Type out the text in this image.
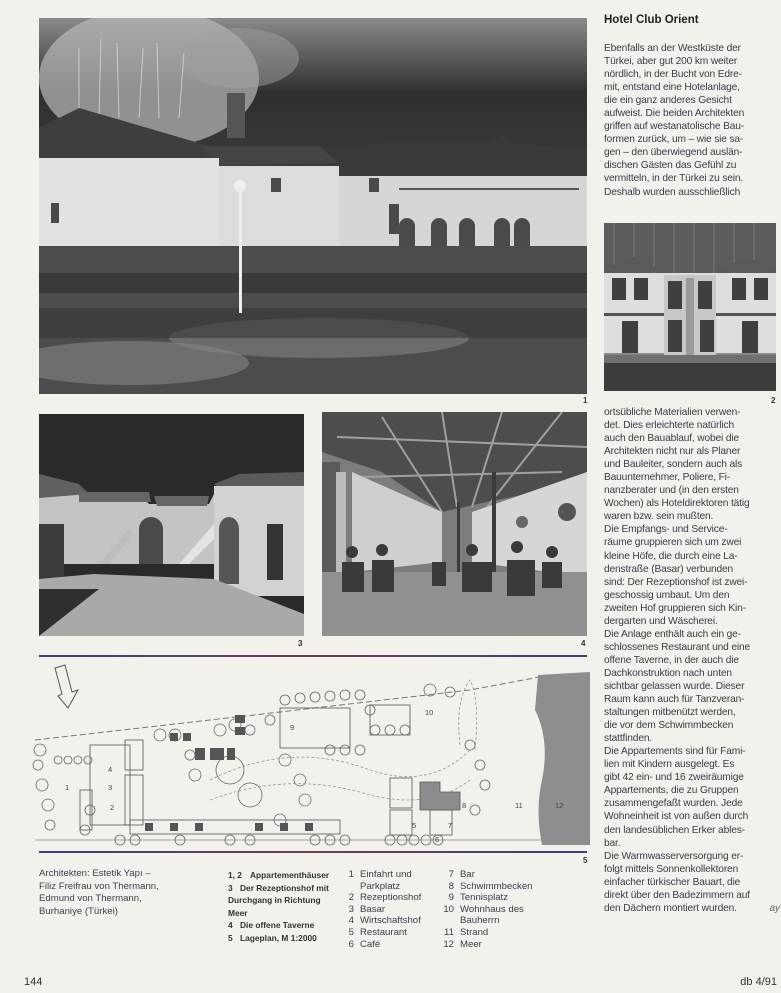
1
Hotel Club Orient

Ebenfalls an der Westküste der

Türkei, aber gut 200 km weiter

nördlich, in der Bucht von Edre-

mit, entstand eine Hotelanlage,

die ein ganz anderes Gesicht

aufweist. Die beiden Architekten

griffen auf westanatolische Bau-

formen zurück, um – wie sie sa-

gen – den überwiegend auslän-

dischen Gästen das Gefühl zu

vermitteln, in der Türkei zu sein.

Deshalb wurden ausschließlich

2
3	4

ortsübliche Materialien verwen-

det. Dies erleichterte natürlich

auch den Bauablauf, wobei die

Architekten nicht nur als Planer

und Bauleiter, sondern auch als

Bauunternehmer, Poliere, Fi-

nanzberater und (in den ersten

Wochen) als Hoteldirektoren tätig

waren bzw. sein mußten.

Die Empfangs- und Service-

räume gruppieren sich um zwei

kleine Höfe, die durch eine La-

denstraße (Basar) verbunden

sind: Der Rezeptionshof ist zwei-

geschossig umbaut. Um den

zweiten Hof gruppieren sich Kin-

dergarten und Wäscherei.

Die Anlage enthält auch ein ge-

schlossenes Restaurant und eine

offene Taverne, in der auch die

Dachkonstruktion nach unten

sichtbar gelassen wurde. Dieser

Raum kann auch für Tanzveran-

staltungen mitbenützt werden,

die vor dem Schwimmbecken

stattfinden.

Die Appartements sind für Fami-

lien mit Kindern ausgelegt. Es

gibt 42 ein- und 16 zweiräumige

Appartements, die zu Gruppen

zusammengefaßt wurden. Jede

Wohneinheit ist von außen durch

den landesüblichen Erker ables-

bar.

Die Warmwasserversorgung er-

folgt mittels Sonnenkollektoren

einfacher türkischer Bauart, die

direkt über den Badezimmern auf

den Dächern montiert wurden.	ay

1
2
3
4
5
6
7
8
9
10
11	12
5
Architekten: Estetik Yapı –
Filiz Freifrau von Thermann,
Edmund von Thermann,
Burhaniye (Türkei)
1, 2 Appartementhäuser
3 Der Rezeptionshof mit
Durchgang in Richtung
Meer
4 Die offene Taverne
5 Lageplan, M 1:2000
1 Einfahrt und
Parkplatz
2 Rezeptionshof
3 Basar
4 Wirtschaftshof
5 Restaurant
6 Café
7 Bar
8 Schwimmbecken
9 Tennisplatz
10 Wohnhaus des
Bauherrn
11 Strand
12 Meer
144	db 4/91
